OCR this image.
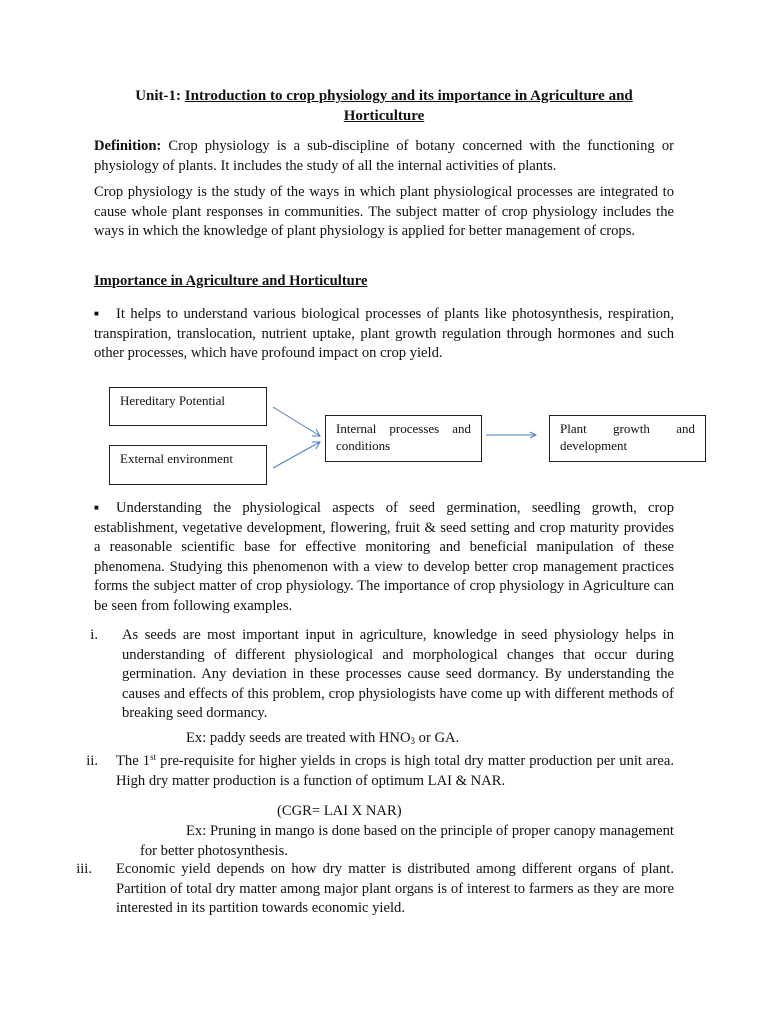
Unit-1: Introduction to crop physiology and its importance in Agriculture and
Horticulture
Definition: Crop physiology is a sub-discipline of botany concerned with the functioning or physiology of plants. It includes the study of all the internal activities of plants.
Crop physiology is the study of the ways in which plant physiological processes are integrated to cause whole plant responses in communities. The subject matter of crop physiology includes the ways in which the knowledge of plant physiology is applied for better management of crops.
Importance in Agriculture and Horticulture
■ It helps to understand various biological processes of plants like photosynthesis, respiration, transpiration, translocation, nutrient uptake, plant growth regulation through hormones and such other processes, which have profound impact on crop yield.
Hereditary Potential
External environment
Internal processes and conditions
Plant growth and development
■ Understanding the physiological aspects of seed germination, seedling growth, crop establishment, vegetative development, flowering, fruit & seed setting and crop maturity provides a reasonable scientific base for effective monitoring and beneficial manipulation of these phenomena. Studying this phenomenon with a view to develop better crop management practices forms the subject matter of crop physiology. The importance of crop physiology in Agriculture can be seen from following examples.
i. As seeds are most important input in agriculture, knowledge in seed physiology helps in understanding of different physiological and morphological changes that occur during germination. Any deviation in these processes cause seed dormancy. By understanding the causes and effects of this problem, crop physiologists have come up with different methods of breaking seed dormancy.
Ex: paddy seeds are treated with $HNO_3$ or GA.
ii. The 1st pre-requisite for higher yields in crops is high total dry matter production per unit area. High dry matter production is a function of optimum LAI & NAR.
(CGR= LAI X NAR)
Ex: Pruning in mango is done based on the principle of proper canopy management for better photosynthesis.
iii. Economic yield depends on how dry matter is distributed among different organs of plant. Partition of total dry matter among major plant organs is of interest to farmers as they are more interested in its partition towards economic yield.
